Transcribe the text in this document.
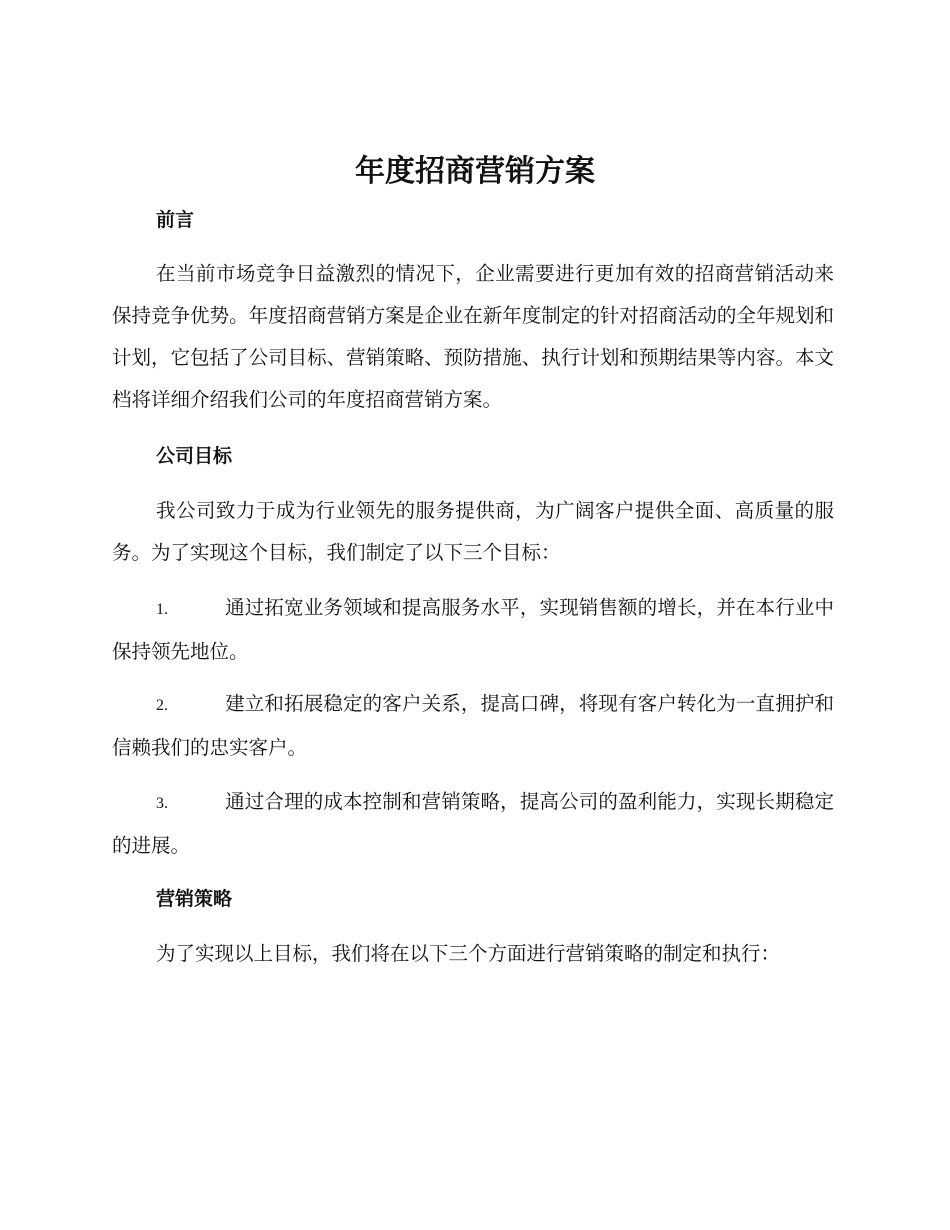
年度招商营销方案
前言

在当前市场竞争日益激烈的情况下，企业需要进行更加有效的招商营销活动来保持竞争优势。年度招商营销方案是企业在新年度制定的针对招商活动的全年规划和计划，它包括了公司目标、营销策略、预防措施、执行计划和预期结果等内容。本文档将详细介绍我们公司的年度招商营销方案。

公司目标

我公司致力于成为行业领先的服务提供商，为广阔客户提供全面、高质量的服务。为了实现这个目标，我们制定了以下三个目标：

1.	通过拓宽业务领域和提高服务水平，实现销售额的增长，并在本行业中保持领先地位。

2.	建立和拓展稳定的客户关系，提高口碑，将现有客户转化为一直拥护和信赖我们的忠实客户。

3.	通过合理的成本控制和营销策略，提高公司的盈利能力，实现长期稳定的进展。

营销策略

为了实现以上目标，我们将在以下三个方面进行营销策略的制定和执行：
